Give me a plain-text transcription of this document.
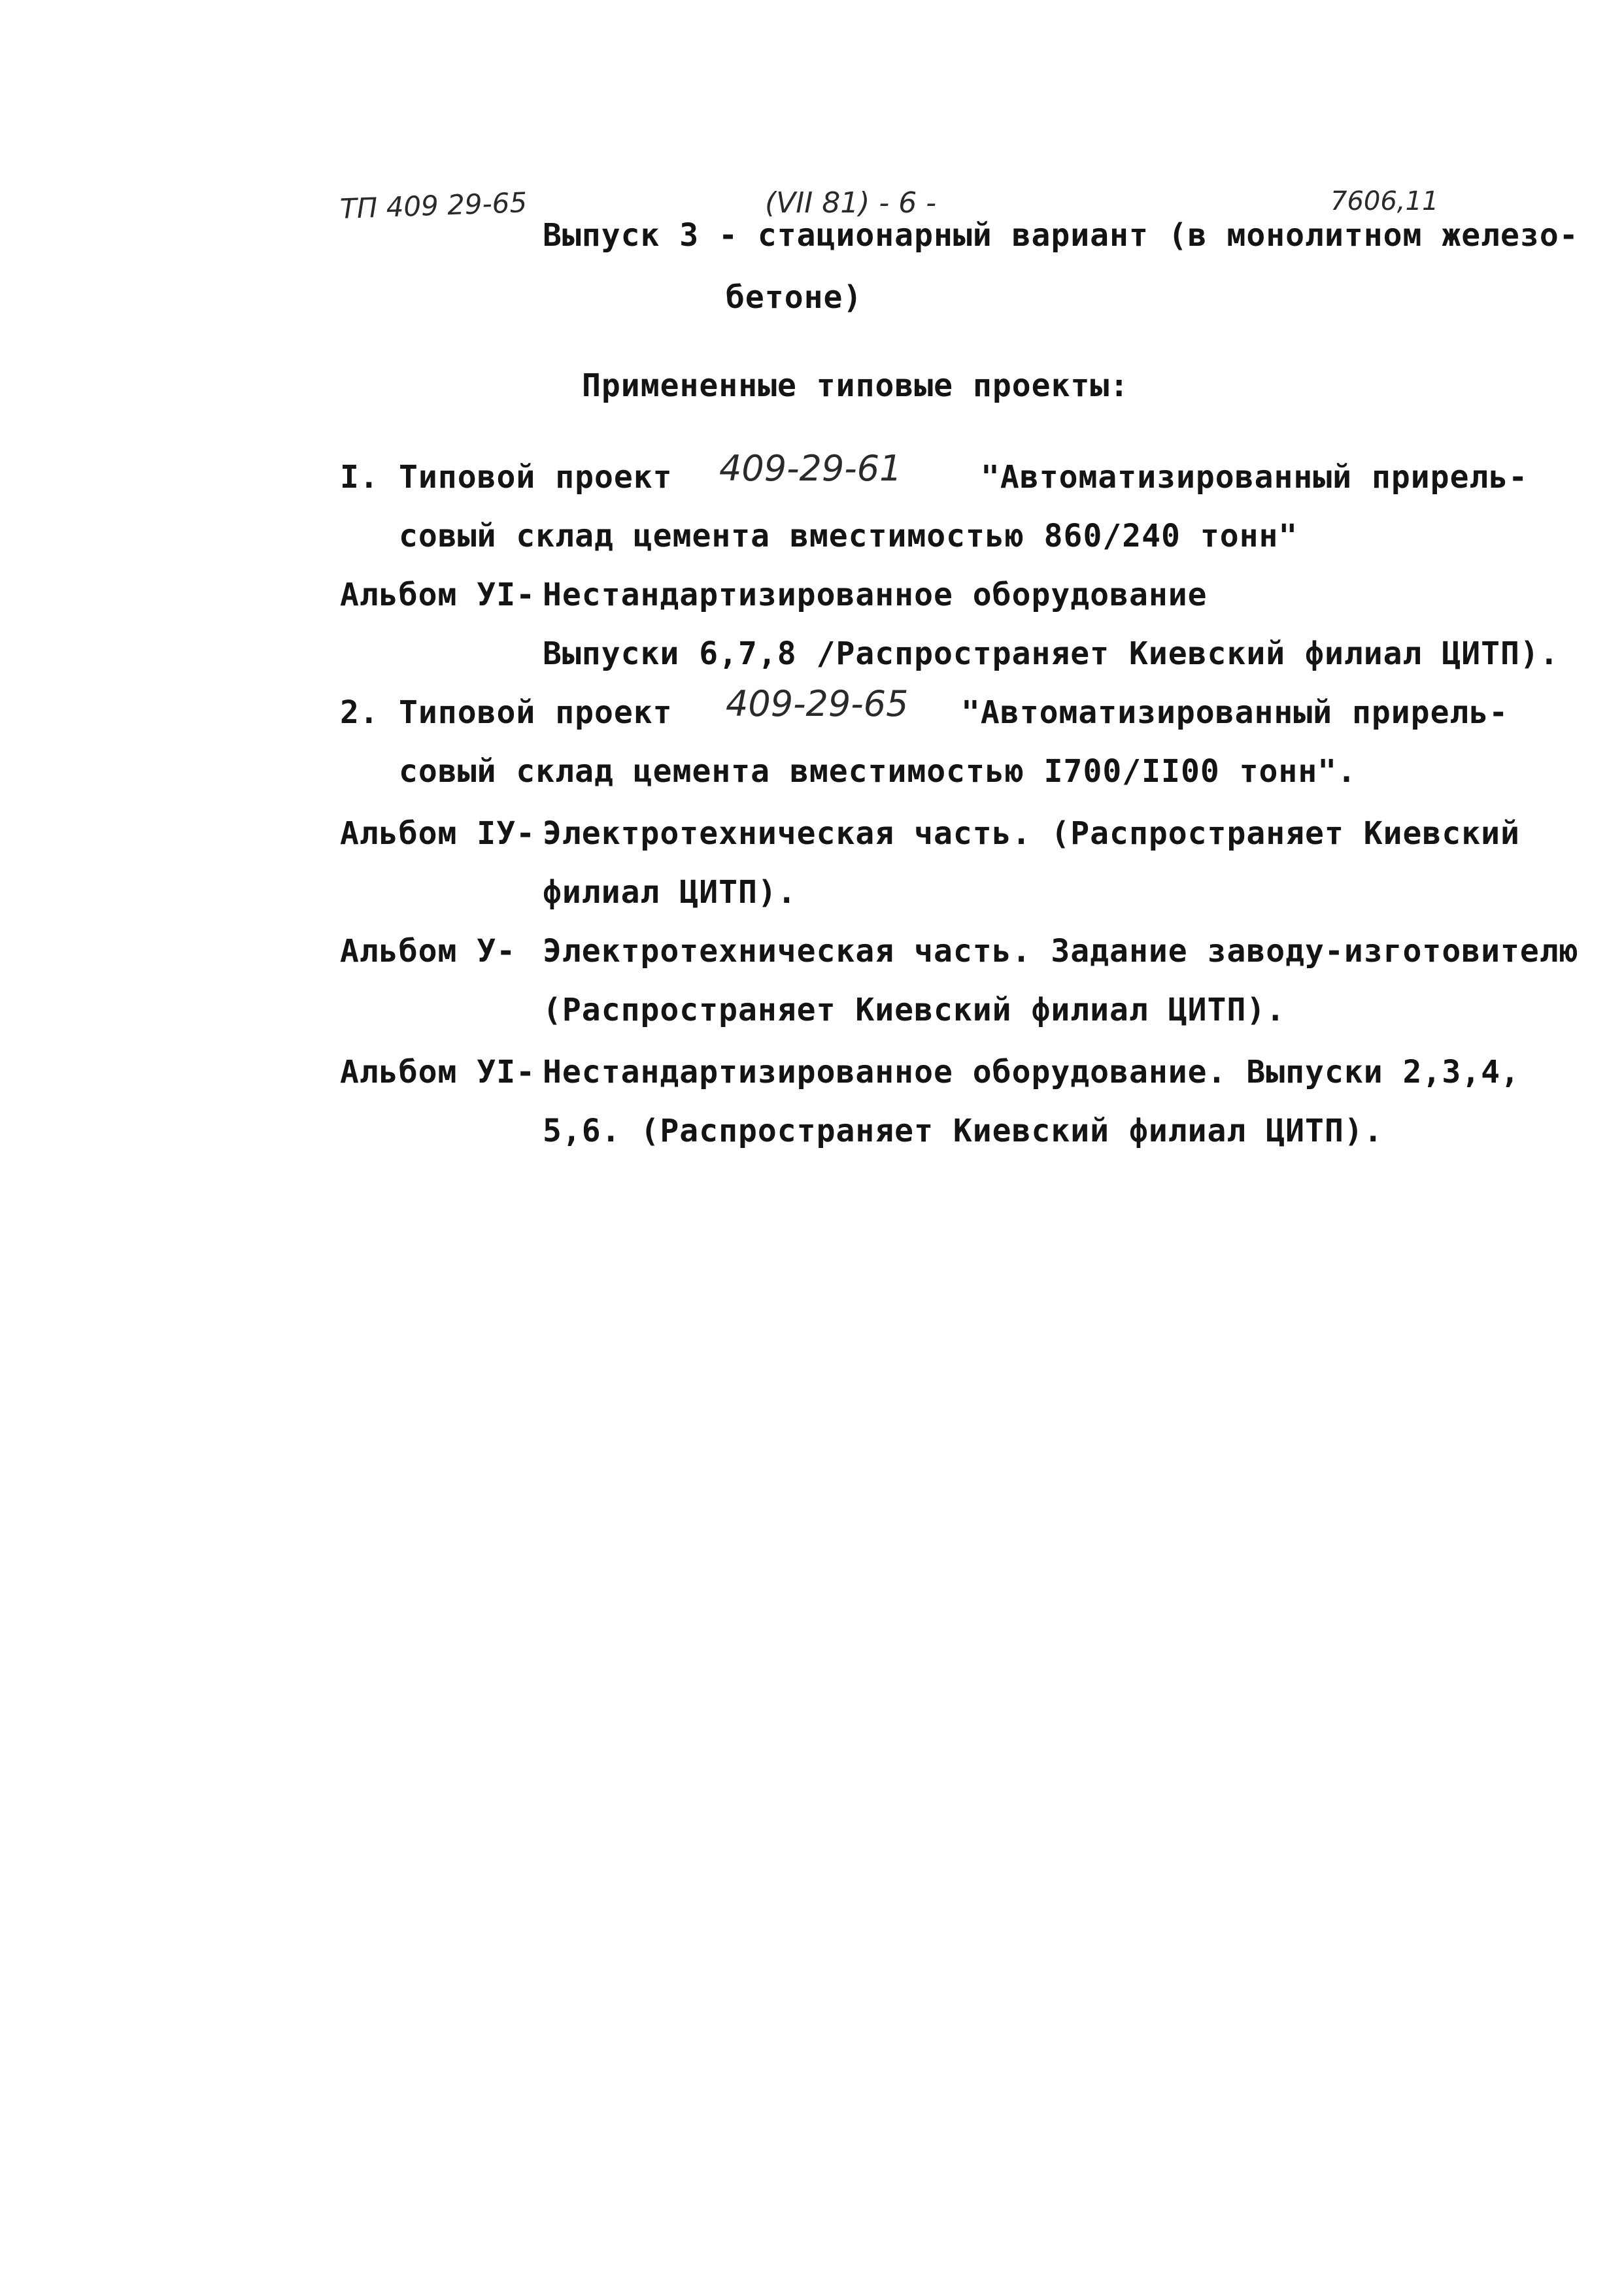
ТП 409 29-65	(VII 81) - 6 -	7606,11
Выпуск 3 - стационарный вариант (в монолитном железо-
бетоне)
Примененные типовые проекты:
I. Типовой проект 409-29-61	"Автоматизированный прирель-
совый склад цемента вместимостью 860/240 тонн"
Альбом УI- Нестандартизированное оборудование
Выпуски 6,7,8 /Распространяет Киевский филиал ЦИТП).
2. Типовой проект 409-29-65 "Автоматизированный прирель-
совый склад цемента вместимостью I700/II00 тонн".
Альбом IУ- Электротехническая часть. (Распространяет Киевский
филиал ЦИТП).
Альбом У- Электротехническая часть. Задание заводу-изготовителю
(Распространяет Киевский филиал ЦИТП).
Альбом УI- Нестандартизированное оборудование. Выпуски 2,3,4,
5,6. (Распространяет Киевский филиал ЦИТП).
